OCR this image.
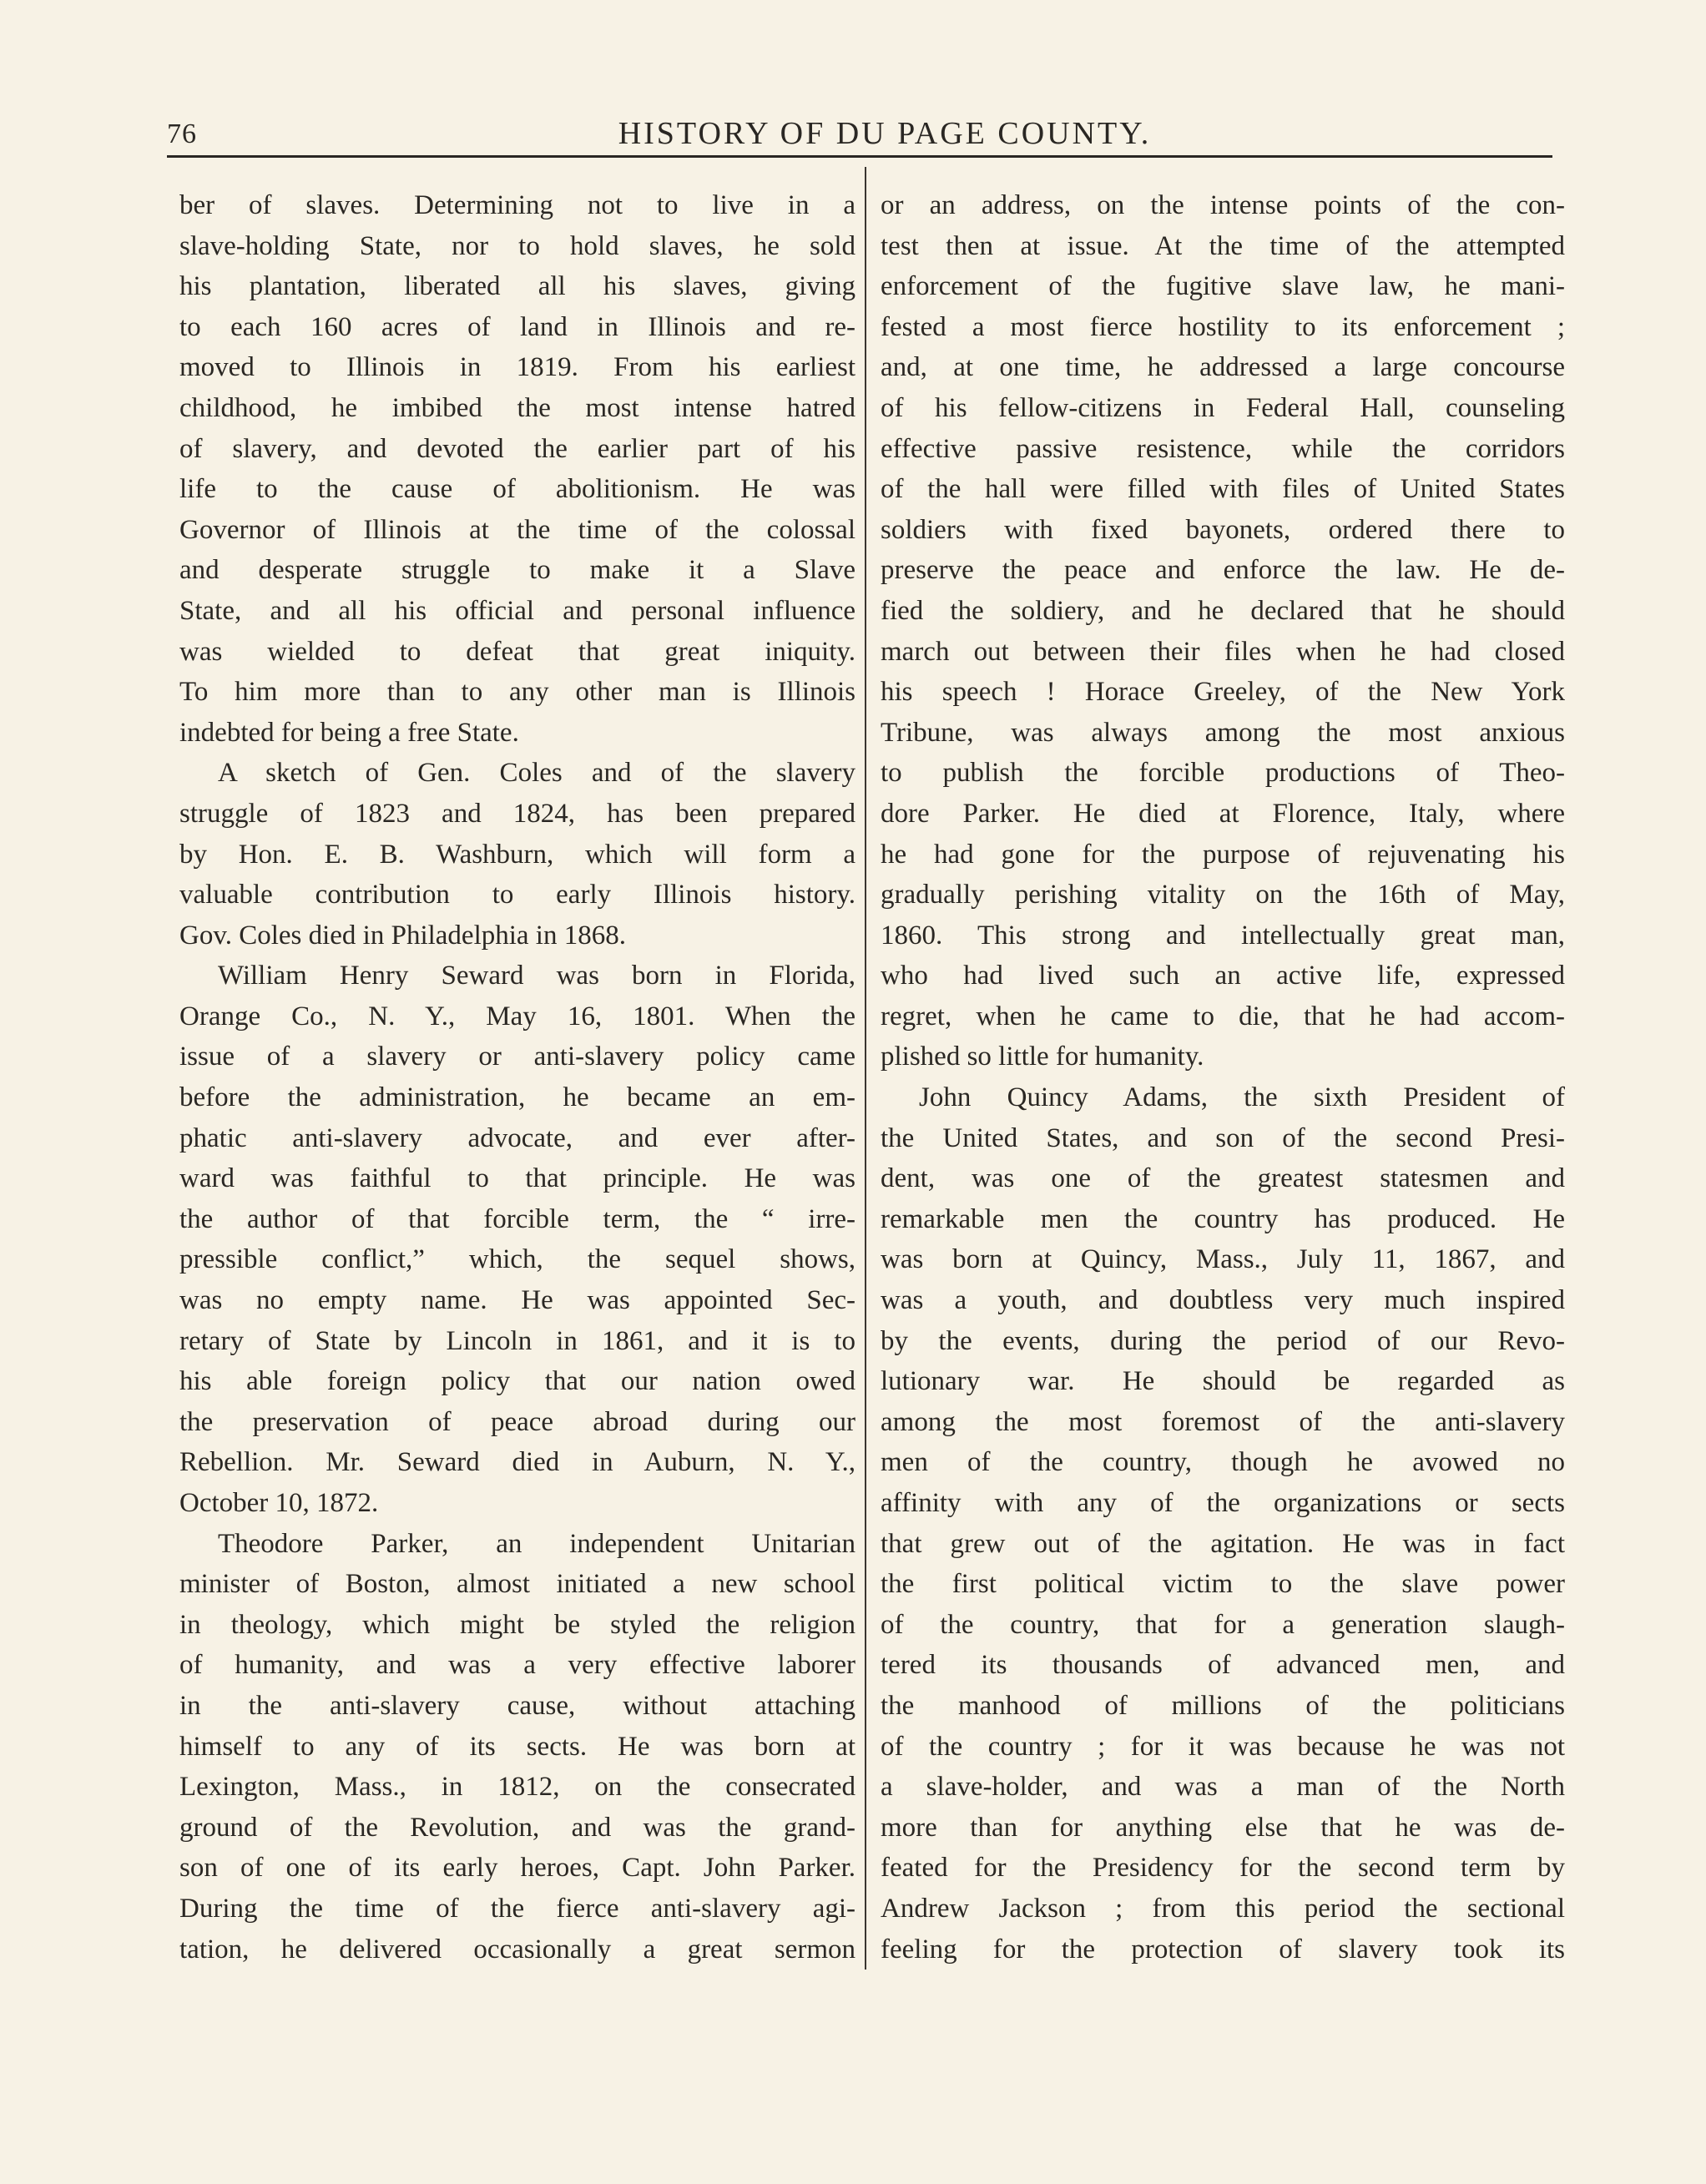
76	HISTORY OF DU PAGE COUNTY.
ber of slaves. Determining not to live in a
slave-holding State, nor to hold slaves, he sold
his plantation, liberated all his slaves, giving
to each 160 acres of land in Illinois and re-
moved to Illinois in 1819. From his earliest
childhood, he imbibed the most intense hatred
of slavery, and devoted the earlier part of his
life to the cause of abolitionism. He was
Governor of Illinois at the time of the colossal
and desperate struggle to make it a Slave
State, and all his official and personal influence
was wielded to defeat that great iniquity.
To him more than to any other man is Illinois
indebted for being a free State.
A sketch of Gen. Coles and of the slavery
struggle of 1823 and 1824, has been prepared
by Hon. E. B. Washburn, which will form a
valuable contribution to early Illinois history.
Gov. Coles died in Philadelphia in 1868.
William Henry Seward was born in Florida,
Orange Co., N. Y., May 16, 1801. When the
issue of a slavery or anti-slavery policy came
before the administration, he became an em-
phatic anti-slavery advocate, and ever after-
ward was faithful to that principle. He was
the author of that forcible term, the “ irre-
pressible conflict,” which, the sequel shows,
was no empty name. He was appointed Sec-
retary of State by Lincoln in 1861, and it is to
his able foreign policy that our nation owed
the preservation of peace abroad during our
Rebellion. Mr. Seward died in Auburn, N. Y.,
October 10, 1872.
Theodore Parker, an independent Unitarian
minister of Boston, almost initiated a new school
in theology, which might be styled the religion
of humanity, and was a very effective laborer
in the anti-slavery cause, without attaching
himself to any of its sects. He was born at
Lexington, Mass., in 1812, on the consecrated
ground of the Revolution, and was the grand-
son of one of its early heroes, Capt. John Parker.
During the time of the fierce anti-slavery agi-
tation, he delivered occasionally a great sermon
or an address, on the intense points of the con-
test then at issue. At the time of the attempted
enforcement of the fugitive slave law, he mani-
fested a most fierce hostility to its enforcement ;
and, at one time, he addressed a large concourse
of his fellow-citizens in Federal Hall, counseling
effective passive resistence, while the corridors
of the hall were filled with files of United States
soldiers with fixed bayonets, ordered there to
preserve the peace and enforce the law. He de-
fied the soldiery, and he declared that he should
march out between their files when he had closed
his speech ! Horace Greeley, of the New York
Tribune, was always among the most anxious
to publish the forcible productions of Theo-
dore Parker. He died at Florence, Italy, where
he had gone for the purpose of rejuvenating his
gradually perishing vitality on the 16th of May,
1860. This strong and intellectually great man,
who had lived such an active life, expressed
regret, when he came to die, that he had accom-
plished so little for humanity.
John Quincy Adams, the sixth President of
the United States, and son of the second Presi-
dent, was one of the greatest statesmen and
remarkable men the country has produced. He
was born at Quincy, Mass., July 11, 1867, and
was a youth, and doubtless very much inspired
by the events, during the period of our Revo-
lutionary war. He should be regarded as
among the most foremost of the anti-slavery
men of the country, though he avowed no
affinity with any of the organizations or sects
that grew out of the agitation. He was in fact
the first political victim to the slave power
of the country, that for a generation slaugh-
tered its thousands of advanced men, and
the manhood of millions of the politicians
of the country ; for it was because he was not
a slave-holder, and was a man of the North
more than for anything else that he was de-
feated for the Presidency for the second term by
Andrew Jackson ; from this period the sectional
feeling for the protection of slavery took its
